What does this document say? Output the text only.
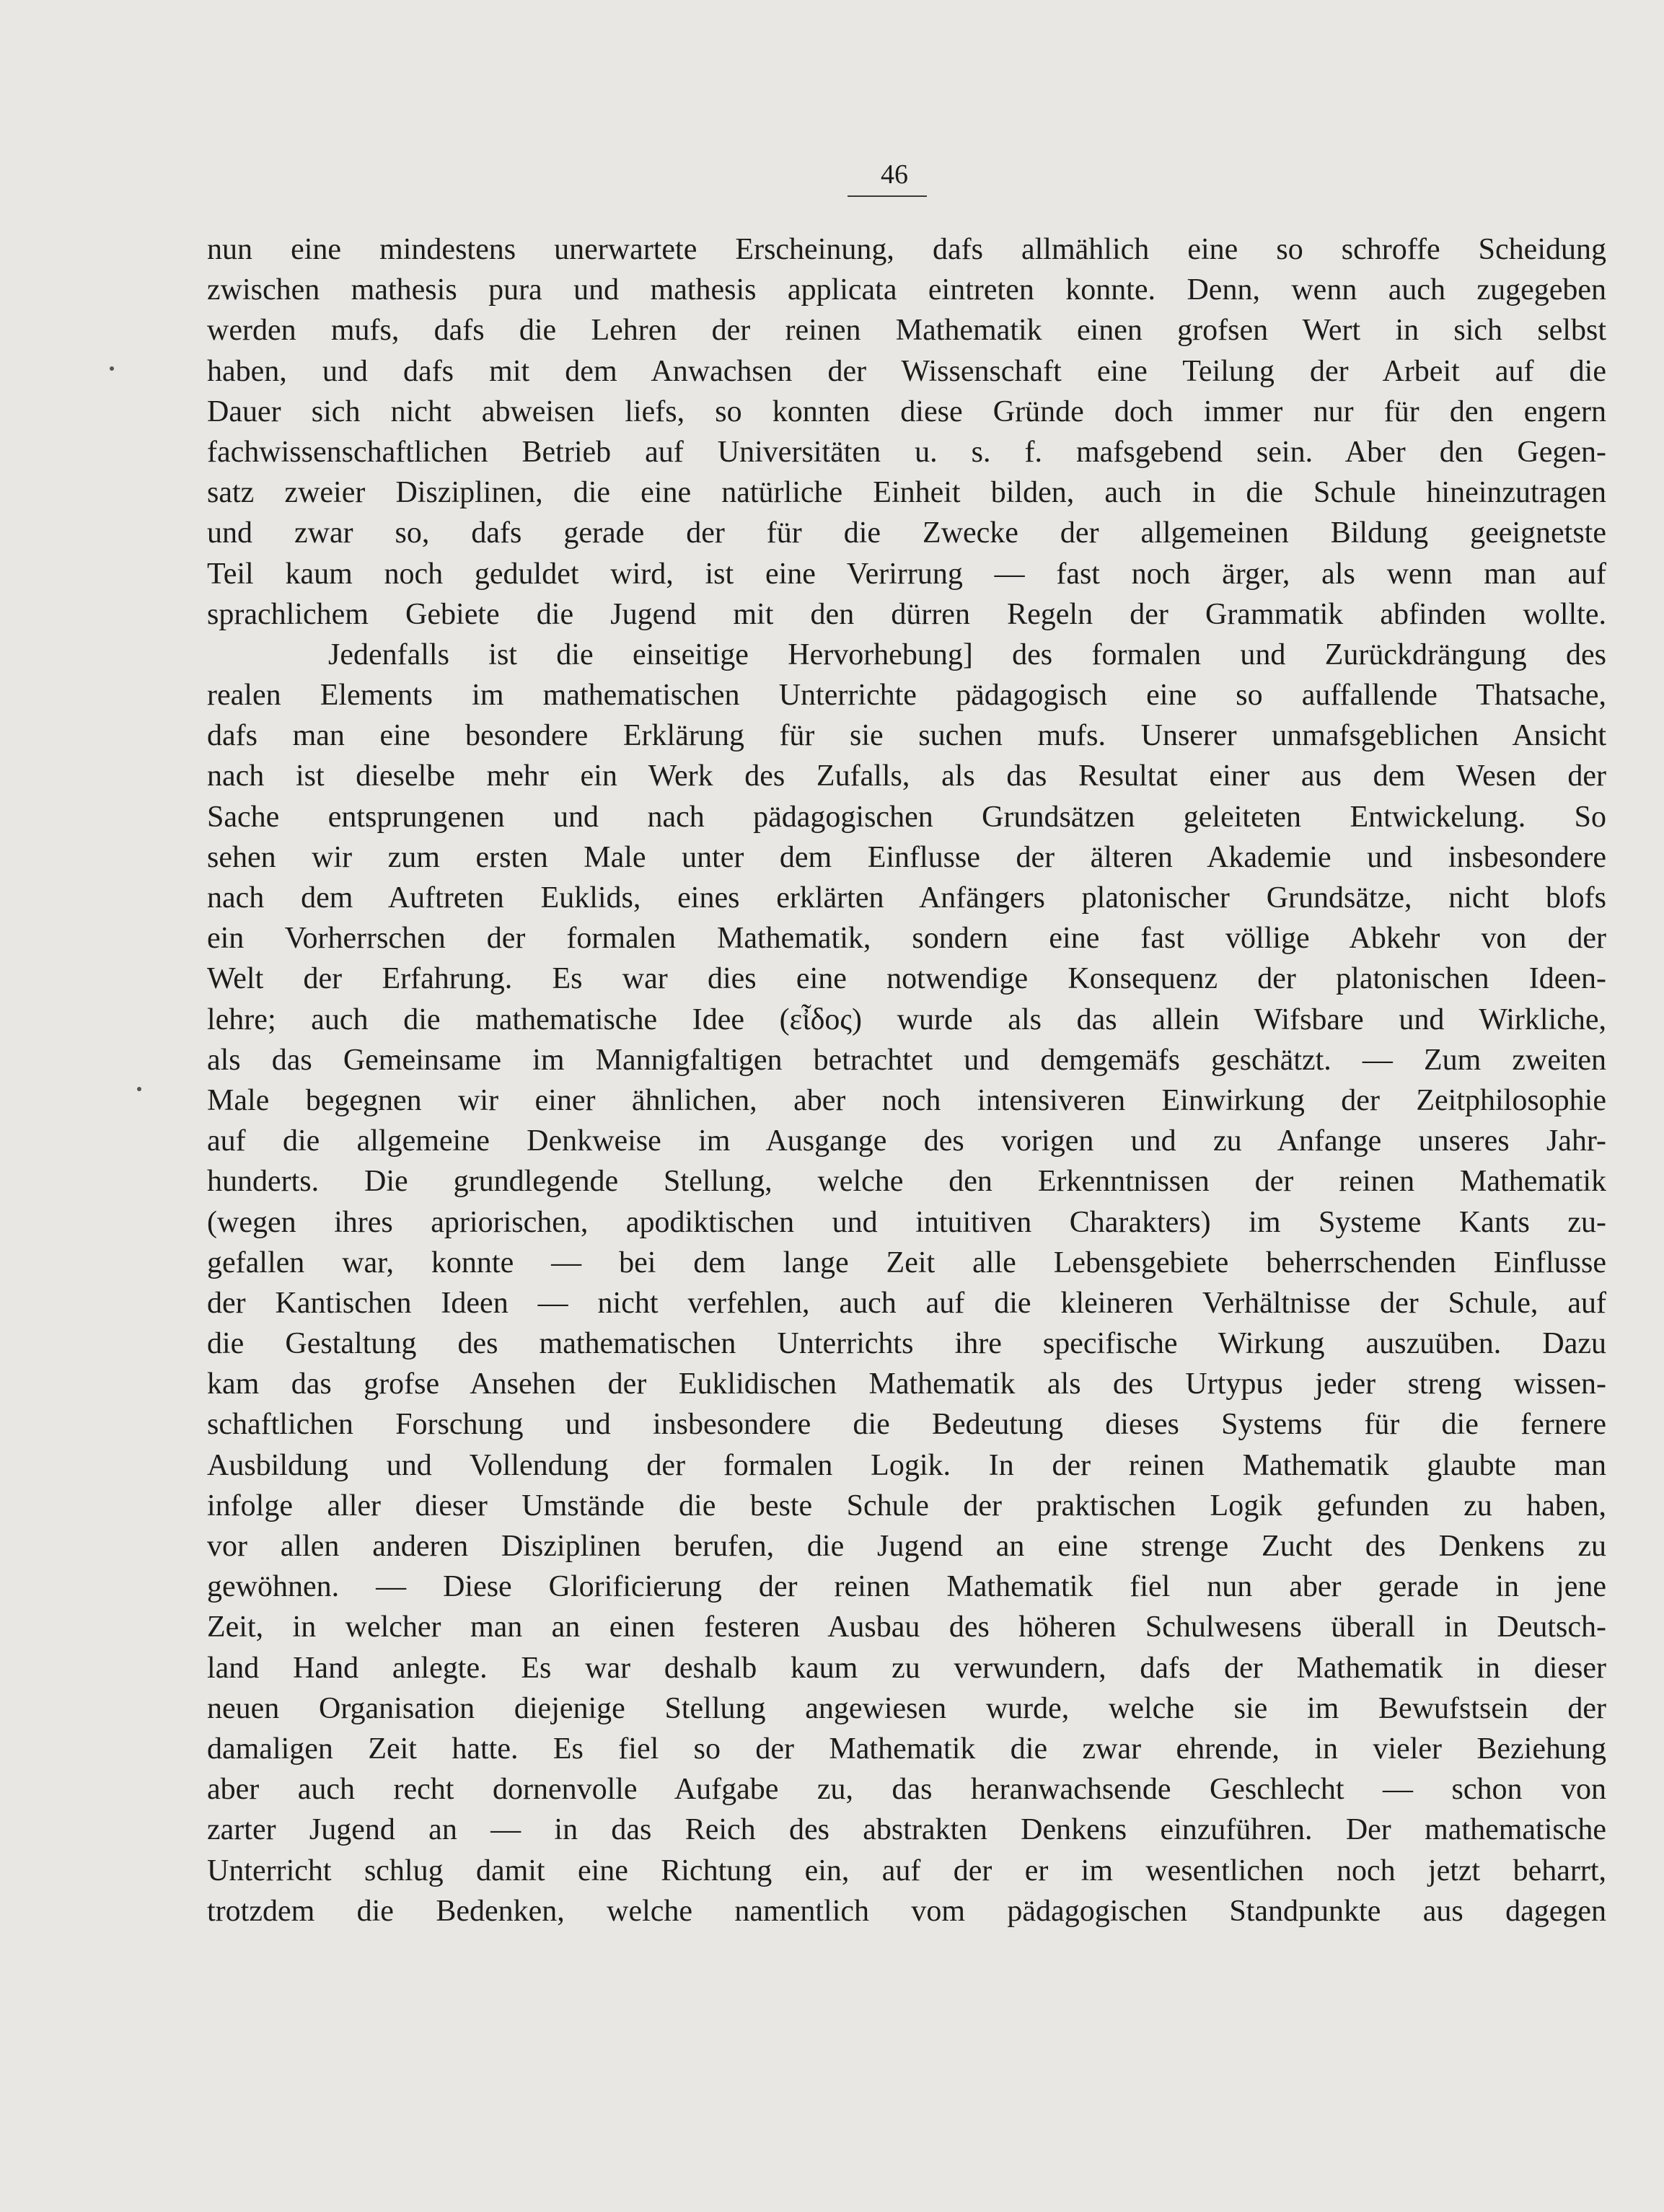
46
nun eine mindestens unerwartete Erscheinung, dafs allmählich eine so schroffe Scheidung
zwischen mathesis pura und mathesis applicata eintreten konnte. Denn, wenn auch zugegeben
werden mufs, dafs die Lehren der reinen Mathematik einen grofsen Wert in sich selbst
haben, und dafs mit dem Anwachsen der Wissenschaft eine Teilung der Arbeit auf die
Dauer sich nicht abweisen liefs, so konnten diese Gründe doch immer nur für den engern
fachwissenschaftlichen Betrieb auf Universitäten u. s. f. mafsgebend sein. Aber den Gegen-
satz zweier Disziplinen, die eine natürliche Einheit bilden, auch in die Schule hineinzutragen
und zwar so, dafs gerade der für die Zwecke der allgemeinen Bildung geeignetste
Teil kaum noch geduldet wird, ist eine Verirrung — fast noch ärger, als wenn man auf
sprachlichem Gebiete die Jugend mit den dürren Regeln der Grammatik abfinden wollte.
Jedenfalls ist die einseitige Hervorhebung] des formalen und Zurückdrängung des
realen Elements im mathematischen Unterrichte pädagogisch eine so auffallende Thatsache,
dafs man eine besondere Erklärung für sie suchen mufs. Unserer unmafsgeblichen Ansicht
nach ist dieselbe mehr ein Werk des Zufalls, als das Resultat einer aus dem Wesen der
Sache entsprungenen und nach pädagogischen Grundsätzen geleiteten Entwickelung. So
sehen wir zum ersten Male unter dem Einflusse der älteren Akademie und insbesondere
nach dem Auftreten Euklids, eines erklärten Anfängers platonischer Grundsätze, nicht blofs
ein Vorherrschen der formalen Mathematik, sondern eine fast völlige Abkehr von der
Welt der Erfahrung. Es war dies eine notwendige Konsequenz der platonischen Ideen-
lehre; auch die mathematische Idee (εἶδος) wurde als das allein Wifsbare und Wirkliche,
als das Gemeinsame im Mannigfaltigen betrachtet und demgemäfs geschätzt. — Zum zweiten
Male begegnen wir einer ähnlichen, aber noch intensiveren Einwirkung der Zeitphilosophie
auf die allgemeine Denkweise im Ausgange des vorigen und zu Anfange unseres Jahr-
hunderts. Die grundlegende Stellung, welche den Erkenntnissen der reinen Mathematik
(wegen ihres apriorischen, apodiktischen und intuitiven Charakters) im Systeme Kants zu-
gefallen war, konnte — bei dem lange Zeit alle Lebensgebiete beherrschenden Einflusse
der Kantischen Ideen — nicht verfehlen, auch auf die kleineren Verhältnisse der Schule, auf
die Gestaltung des mathematischen Unterrichts ihre specifische Wirkung auszuüben. Dazu
kam das grofse Ansehen der Euklidischen Mathematik als des Urtypus jeder streng wissen-
schaftlichen Forschung und insbesondere die Bedeutung dieses Systems für die fernere
Ausbildung und Vollendung der formalen Logik. In der reinen Mathematik glaubte man
infolge aller dieser Umstände die beste Schule der praktischen Logik gefunden zu haben,
vor allen anderen Disziplinen berufen, die Jugend an eine strenge Zucht des Denkens zu
gewöhnen. — Diese Glorificierung der reinen Mathematik fiel nun aber gerade in jene
Zeit, in welcher man an einen festeren Ausbau des höheren Schulwesens überall in Deutsch-
land Hand anlegte. Es war deshalb kaum zu verwundern, dafs der Mathematik in dieser
neuen Organisation diejenige Stellung angewiesen wurde, welche sie im Bewufstsein der
damaligen Zeit hatte. Es fiel so der Mathematik die zwar ehrende, in vieler Beziehung
aber auch recht dornenvolle Aufgabe zu, das heranwachsende Geschlecht — schon von
zarter Jugend an — in das Reich des abstrakten Denkens einzuführen. Der mathematische
Unterricht schlug damit eine Richtung ein, auf der er im wesentlichen noch jetzt beharrt,
trotzdem die Bedenken, welche namentlich vom pädagogischen Standpunkte aus dagegen
